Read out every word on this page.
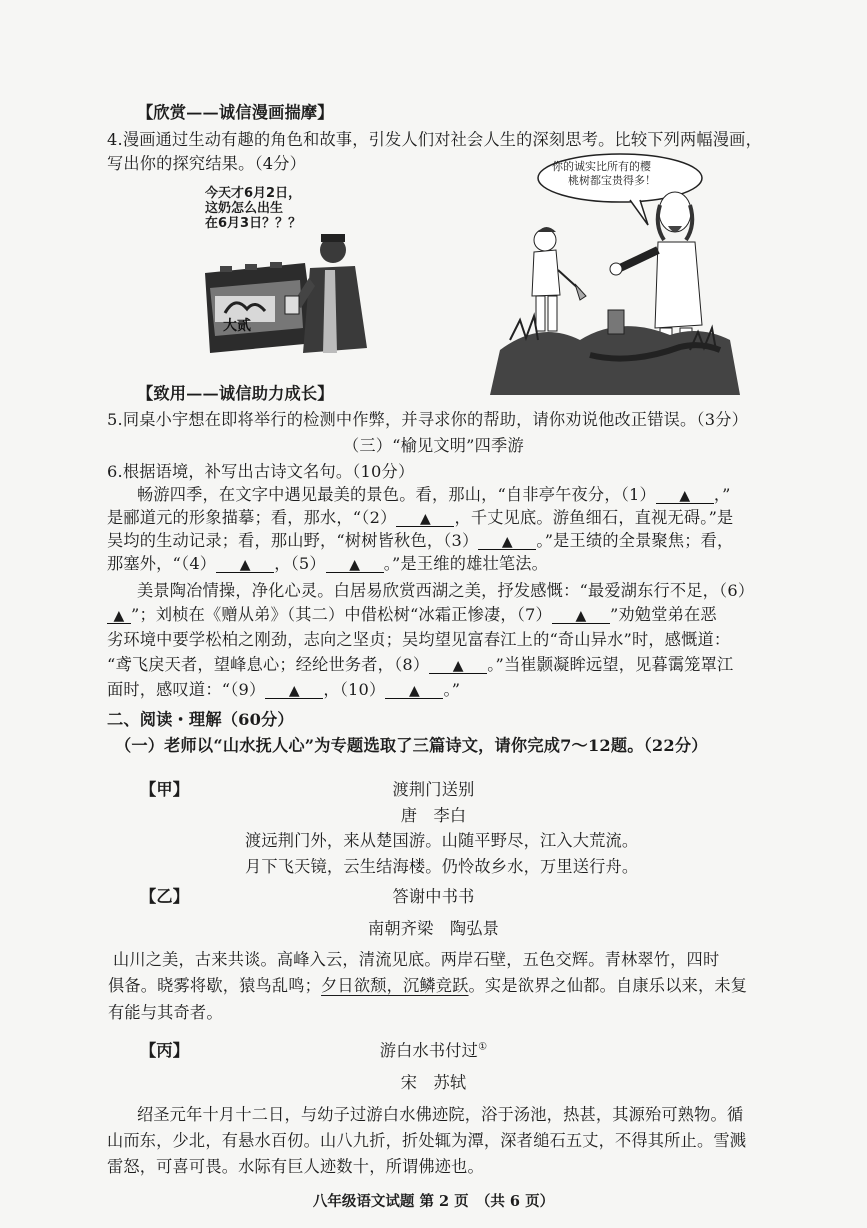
【欣赏——诚信漫画揣摩】
4.漫画通过生动有趣的角色和故事，引发人们对社会人生的深刻思考。比较下列两幅漫画，
写出你的探究结果。（4分）
大贰
今天才6月2日，
这奶怎么出生
在6月3日？？？
你的诚实比所有的樱
桃树都宝贵得多！
【致用——诚信助力成长】
5.同桌小宇想在即将举行的检测中作弊，并寻求你的帮助，请你劝说他改正错误。（3分）
（三）“榆见文明”四季游
6.根据语境，补写出古诗文名句。（10分）
畅游四季，在文字中遇见最美的景色。看，那山，“自非亭午夜分，（1） ▲ ，”
是郦道元的形象描摹；看，那水，“（2） ▲ ，千丈见底。游鱼细石，直视无碍。”是
吴均的生动记录；看，那山野，“树树皆秋色，（3） ▲ 。”是王绩的全景聚焦；看，
那塞外，“（4） ▲ ，（5） ▲ 。”是王维的雄壮笔法。
美景陶冶情操，净化心灵。白居易欣赏西湖之美，抒发感慨：“最爱湖东行不足，（6）
▲ ”；刘桢在《赠从弟》（其二）中借松树“冰霜正惨凄，（7） ▲ ”劝勉堂弟在恶
劣环境中要学松柏之刚劲，志向之坚贞；吴均望见富春江上的“奇山异水”时，感慨道：
“鸢飞戾天者，望峰息心；经纶世务者，（8） ▲ 。”当崔颢凝眸远望，见暮霭笼罩江
面时，感叹道：“（9） ▲ ，（10） ▲ 。”
二、阅读・理解（60分）
（一）老师以“山水抚人心”为专题选取了三篇诗文，请你完成7～12题。（22分）
【甲】	渡荆门送别
唐　李白
渡远荆门外，来从楚国游。山随平野尽，江入大荒流。
月下飞天镜，云生结海楼。仍怜故乡水，万里送行舟。
【乙】	答谢中书书
南朝齐梁　陶弘景
山川之美，古来共谈。高峰入云，清流见底。两岸石壁，五色交辉。青林翠竹，四时
俱备。晓雾将歇，猿鸟乱鸣；夕日欲颓，沉鳞竞跃。实是欲界之仙都。自康乐以来，未复
有能与其奇者。
【丙】	游白水书付过①
宋　苏轼
绍圣元年十月十二日，与幼子过游白水佛迹院，浴于汤池，热甚，其源殆可熟物。循
山而东，少北，有悬水百仞。山八九折，折处辄为潭，深者缒石五丈，不得其所止。雪溅
雷怒，可喜可畏。水际有巨人迹数十，所谓佛迹也。
八年级语文试题 第 2 页　（共 6 页）
